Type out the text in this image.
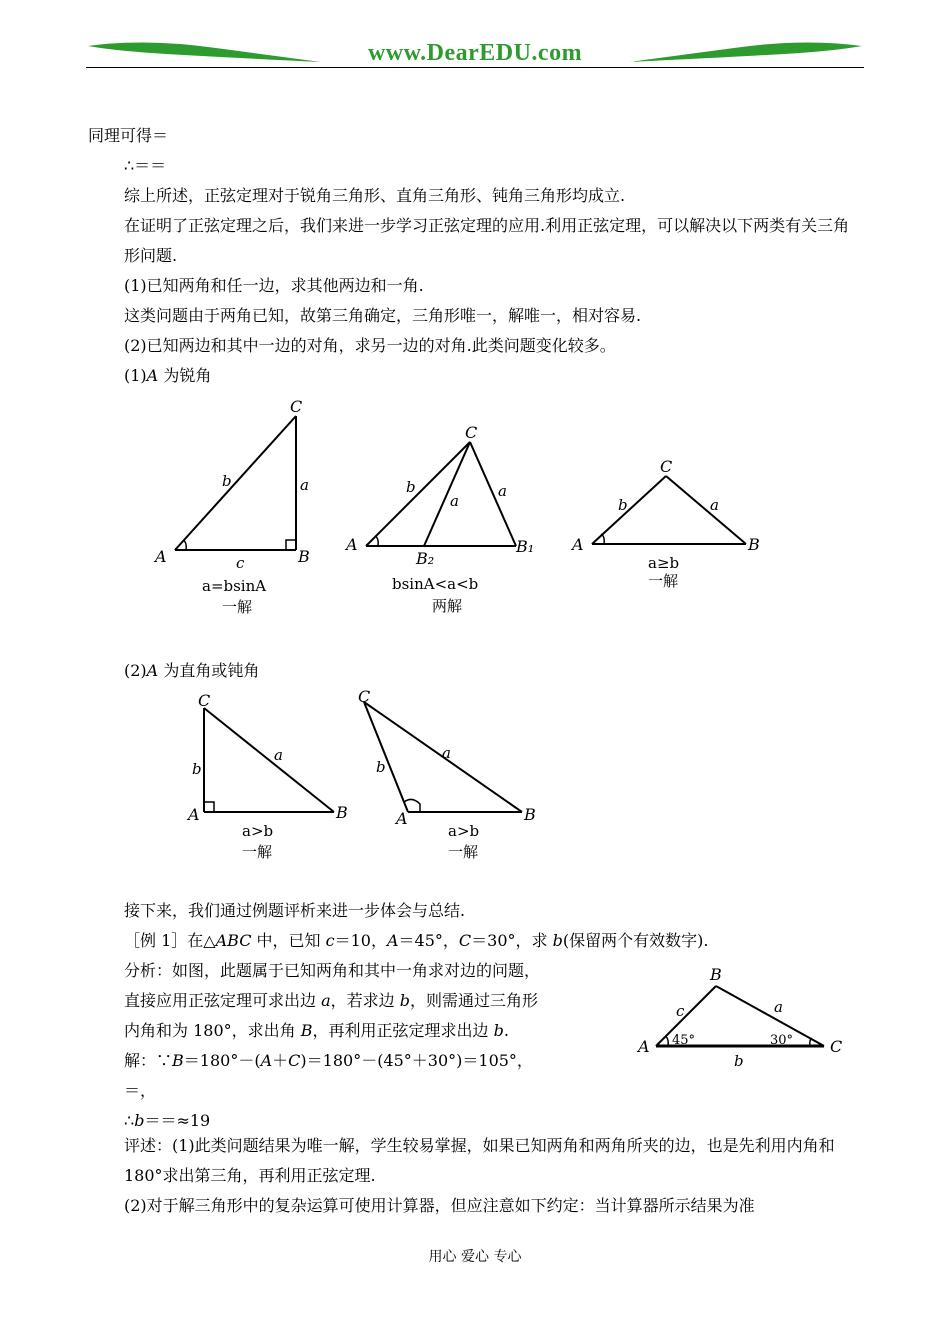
www.DearEDU.com
同理可得＝
∴＝＝
综上所述，正弦定理对于锐角三角形、直角三角形、钝角三角形均成立.
在证明了正弦定理之后，我们来进一步学习正弦定理的应用.利用正弦定理，可以解决以下两类有关三角形问题.
(1)已知两角和任一边，求其他两边和一角.
这类问题由于两角已知，故第三角确定，三角形唯一，解唯一，相对容易.
(2)已知两边和其中一边的对角，求另一边的对角.此类问题变化较多。
(1)A 为锐角
C
A	B
b	a
c
a=bsinA
一解
C
A
B₂
B₁
b
a
a
bsinA<a<b
两解
C
A	B
b	a
a≥b
一解
(2)A 为直角或钝角
C
A	B
b
a
a>b
一解
C
A	B
b
a
a>b
一解
接下来，我们通过例题评析来进一步体会与总结.
［例 1］在△ABC 中，已知 c＝10，A＝45°，C＝30°，求 b(保留两个有效数字).
分析：如图，此题属于已知两角和其中一角求对边的问题，
直接应用正弦定理可求出边 a，若求边 b，则需通过三角形
内角和为 180°，求出角 B，再利用正弦定理求出边 b.
解：∵B＝180°－(A＋C)＝180°－(45°＋30°)＝105°，
＝，
∴b＝＝≈19
B
A	C
c	a
b
45°	30°
评述：(1)此类问题结果为唯一解，学生较易掌握，如果已知两角和两角所夹的边，也是先利用内角和 180°求出第三角，再利用正弦定理.
(2)对于解三角形中的复杂运算可使用计算器，但应注意如下约定：当计算器所示结果为准
用心 爱心 专心
